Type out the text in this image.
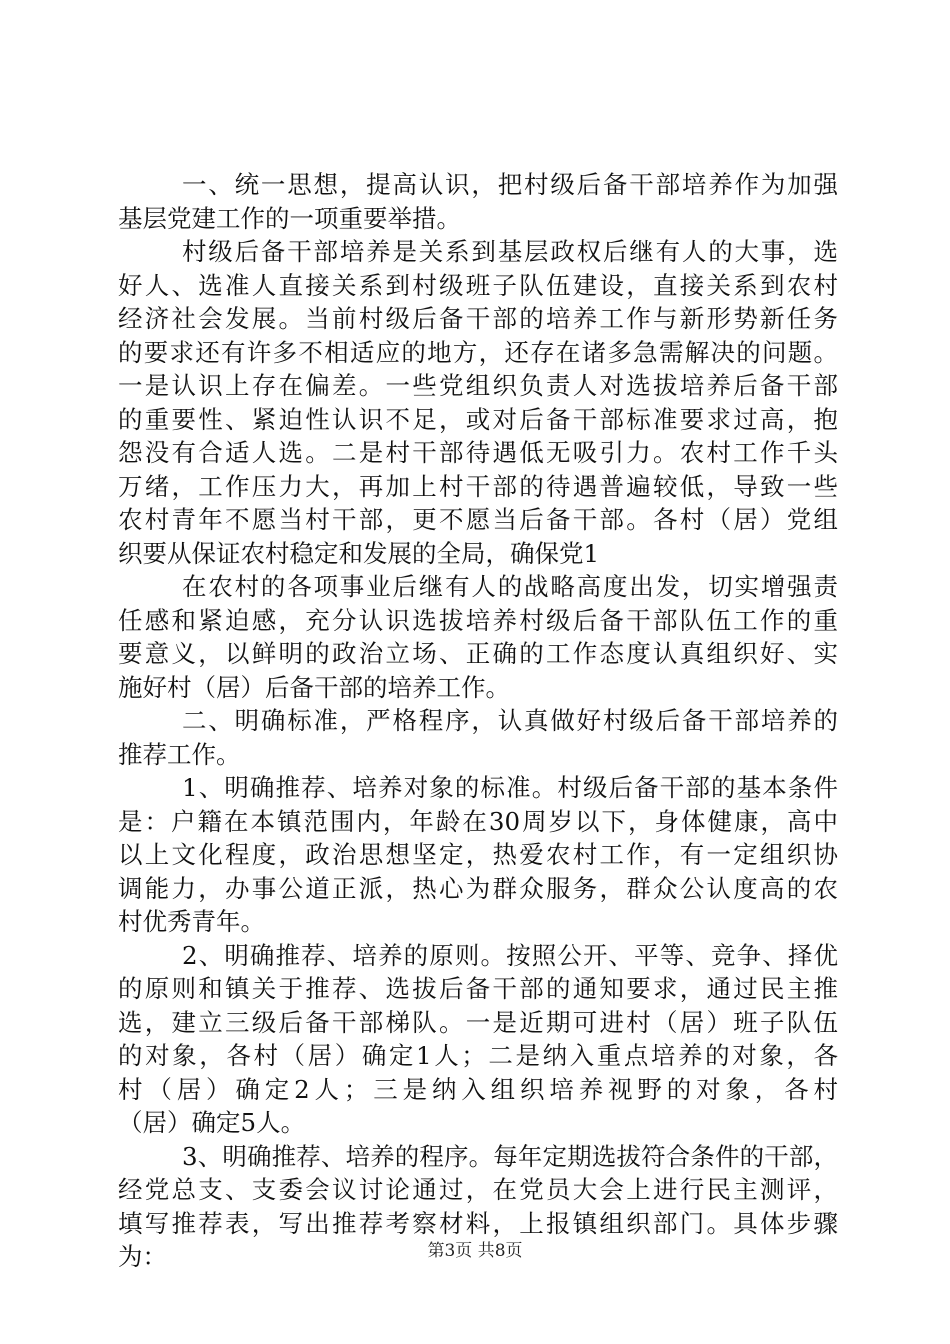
一、统一思想，提高认识，把村级后备干部培养作为加强
基层党建工作的一项重要举措。
村级后备干部培养是关系到基层政权后继有人的大事，选
好人、选准人直接关系到村级班子队伍建设，直接关系到农村
经济社会发展。当前村级后备干部的培养工作与新形势新任务
的要求还有许多不相适应的地方，还存在诸多急需解决的问题。
一是认识上存在偏差。一些党组织负责人对选拔培养后备干部
的重要性、紧迫性认识不足，或对后备干部标准要求过高，抱
怨没有合适人选。二是村干部待遇低无吸引力。农村工作千头
万绪，工作压力大，再加上村干部的待遇普遍较低，导致一些
农村青年不愿当村干部，更不愿当后备干部。各村（居）党组
织要从保证农村稳定和发展的全局，确保党1
在农村的各项事业后继有人的战略高度出发，切实增强责
任感和紧迫感，充分认识选拔培养村级后备干部队伍工作的重
要意义，以鲜明的政治立场、正确的工作态度认真组织好、实
施好村（居）后备干部的培养工作。
二、明确标准，严格程序，认真做好村级后备干部培养的
推荐工作。
1、明确推荐、培养对象的标准。村级后备干部的基本条件
是：户籍在本镇范围内，年龄在30周岁以下，身体健康，高中
以上文化程度，政治思想坚定，热爱农村工作，有一定组织协
调能力，办事公道正派，热心为群众服务，群众公认度高的农
村优秀青年。
2、明确推荐、培养的原则。按照公开、平等、竞争、择优
的原则和镇关于推荐、选拔后备干部的通知要求，通过民主推
选，建立三级后备干部梯队。一是近期可进村（居）班子队伍
的对象，各村（居）确定1人；二是纳入重点培养的对象，各
村（居）确定2人；三是纳入组织培养视野的对象，各村
（居）确定5人。
3、明确推荐、培养的程序。每年定期选拔符合条件的干部，
经党总支、支委会议讨论通过，在党员大会上进行民主测评，
填写推荐表，写出推荐考察材料，上报镇组织部门。具体步骤
为：	第3页 共8页
